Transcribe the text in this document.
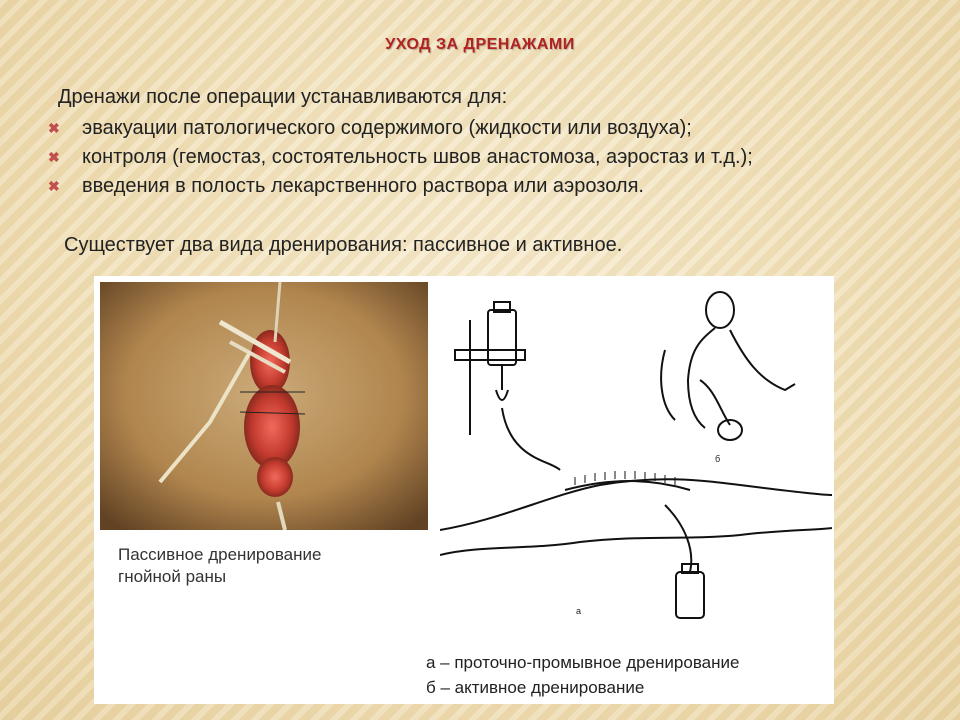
УХОД ЗА ДРЕНАЖАМИ
Дренажи после операции устанавливаются для:
✖ эвакуации патологического содержимого (жидкости или воздуха);
✖ контроля (гемостаз, состоятельность швов анастомоза, аэростаз и т.д.);
✖ введения в полость лекарственного раствора или аэрозоля.
Существует два вида дренирования: пассивное и активное.
Пассивное дренирование гнойной раны
а
б
а – проточно-промывное дренирование
б – активное дренирование
